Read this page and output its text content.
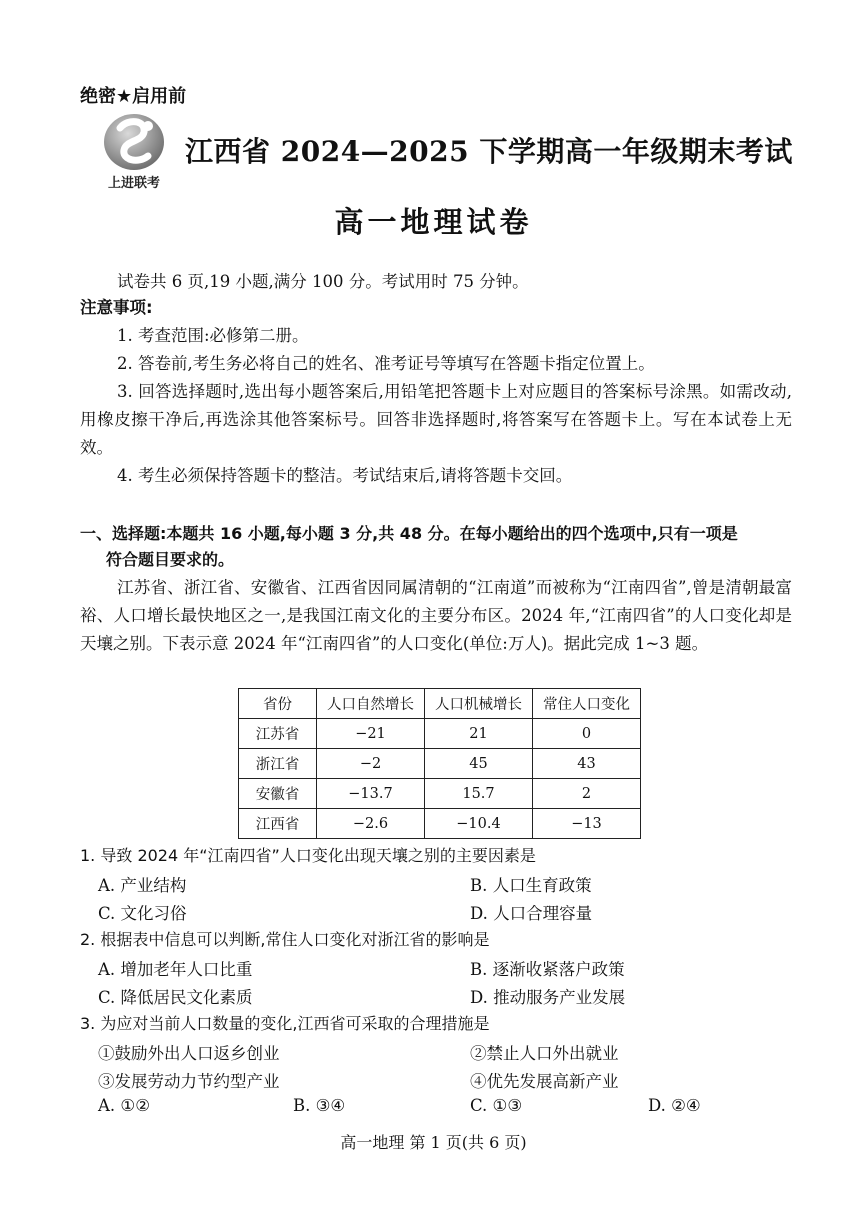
绝密★启用前
上进联考
江西省 2024—2025 下学期高一年级期末考试
高一地理试卷
试卷共 6 页,19 小题,满分 100 分。考试用时 75 分钟。
注意事项:
1. 考查范围:必修第二册。
2. 答卷前,考生务必将自己的姓名、准考证号等填写在答题卡指定位置上。
3. 回答选择题时,选出每小题答案后,用铅笔把答题卡上对应题目的答案标号涂黑。如需改动,用橡皮擦干净后,再选涂其他答案标号。回答非选择题时,将答案写在答题卡上。写在本试卷上无效。
4. 考生必须保持答题卡的整洁。考试结束后,请将答题卡交回。
一、选择题:本题共 16 小题,每小题 3 分,共 48 分。在每小题给出的四个选项中,只有一项是
符合题目要求的。
江苏省、浙江省、安徽省、江西省因同属清朝的“江南道”而被称为“江南四省”,曾是清朝最富裕、人口增长最快地区之一,是我国江南文化的主要分布区。2024 年,“江南四省”的人口变化却是天壤之别。下表示意 2024 年“江南四省”的人口变化(单位:万人)。据此完成 1~3 题。
省份	人口自然增长	人口机械增长	常住人口变化
江苏省	−21	21	0
浙江省	−2	45	43
安徽省	−13.7	15.7	2
江西省	−2.6	−10.4	−13
1. 导致 2024 年“江南四省”人口变化出现天壤之别的主要因素是
A. 产业结构	B. 人口生育政策
C. 文化习俗	D. 人口合理容量
2. 根据表中信息可以判断,常住人口变化对浙江省的影响是
A. 增加老年人口比重	B. 逐渐收紧落户政策
C. 降低居民文化素质	D. 推动服务产业发展
3. 为应对当前人口数量的变化,江西省可采取的合理措施是
①鼓励外出人口返乡创业	②禁止人口外出就业
③发展劳动力节约型产业	④优先发展高新产业
A. ①②	B. ③④	C. ①③	D. ②④
高一地理 第 1 页(共 6 页)
